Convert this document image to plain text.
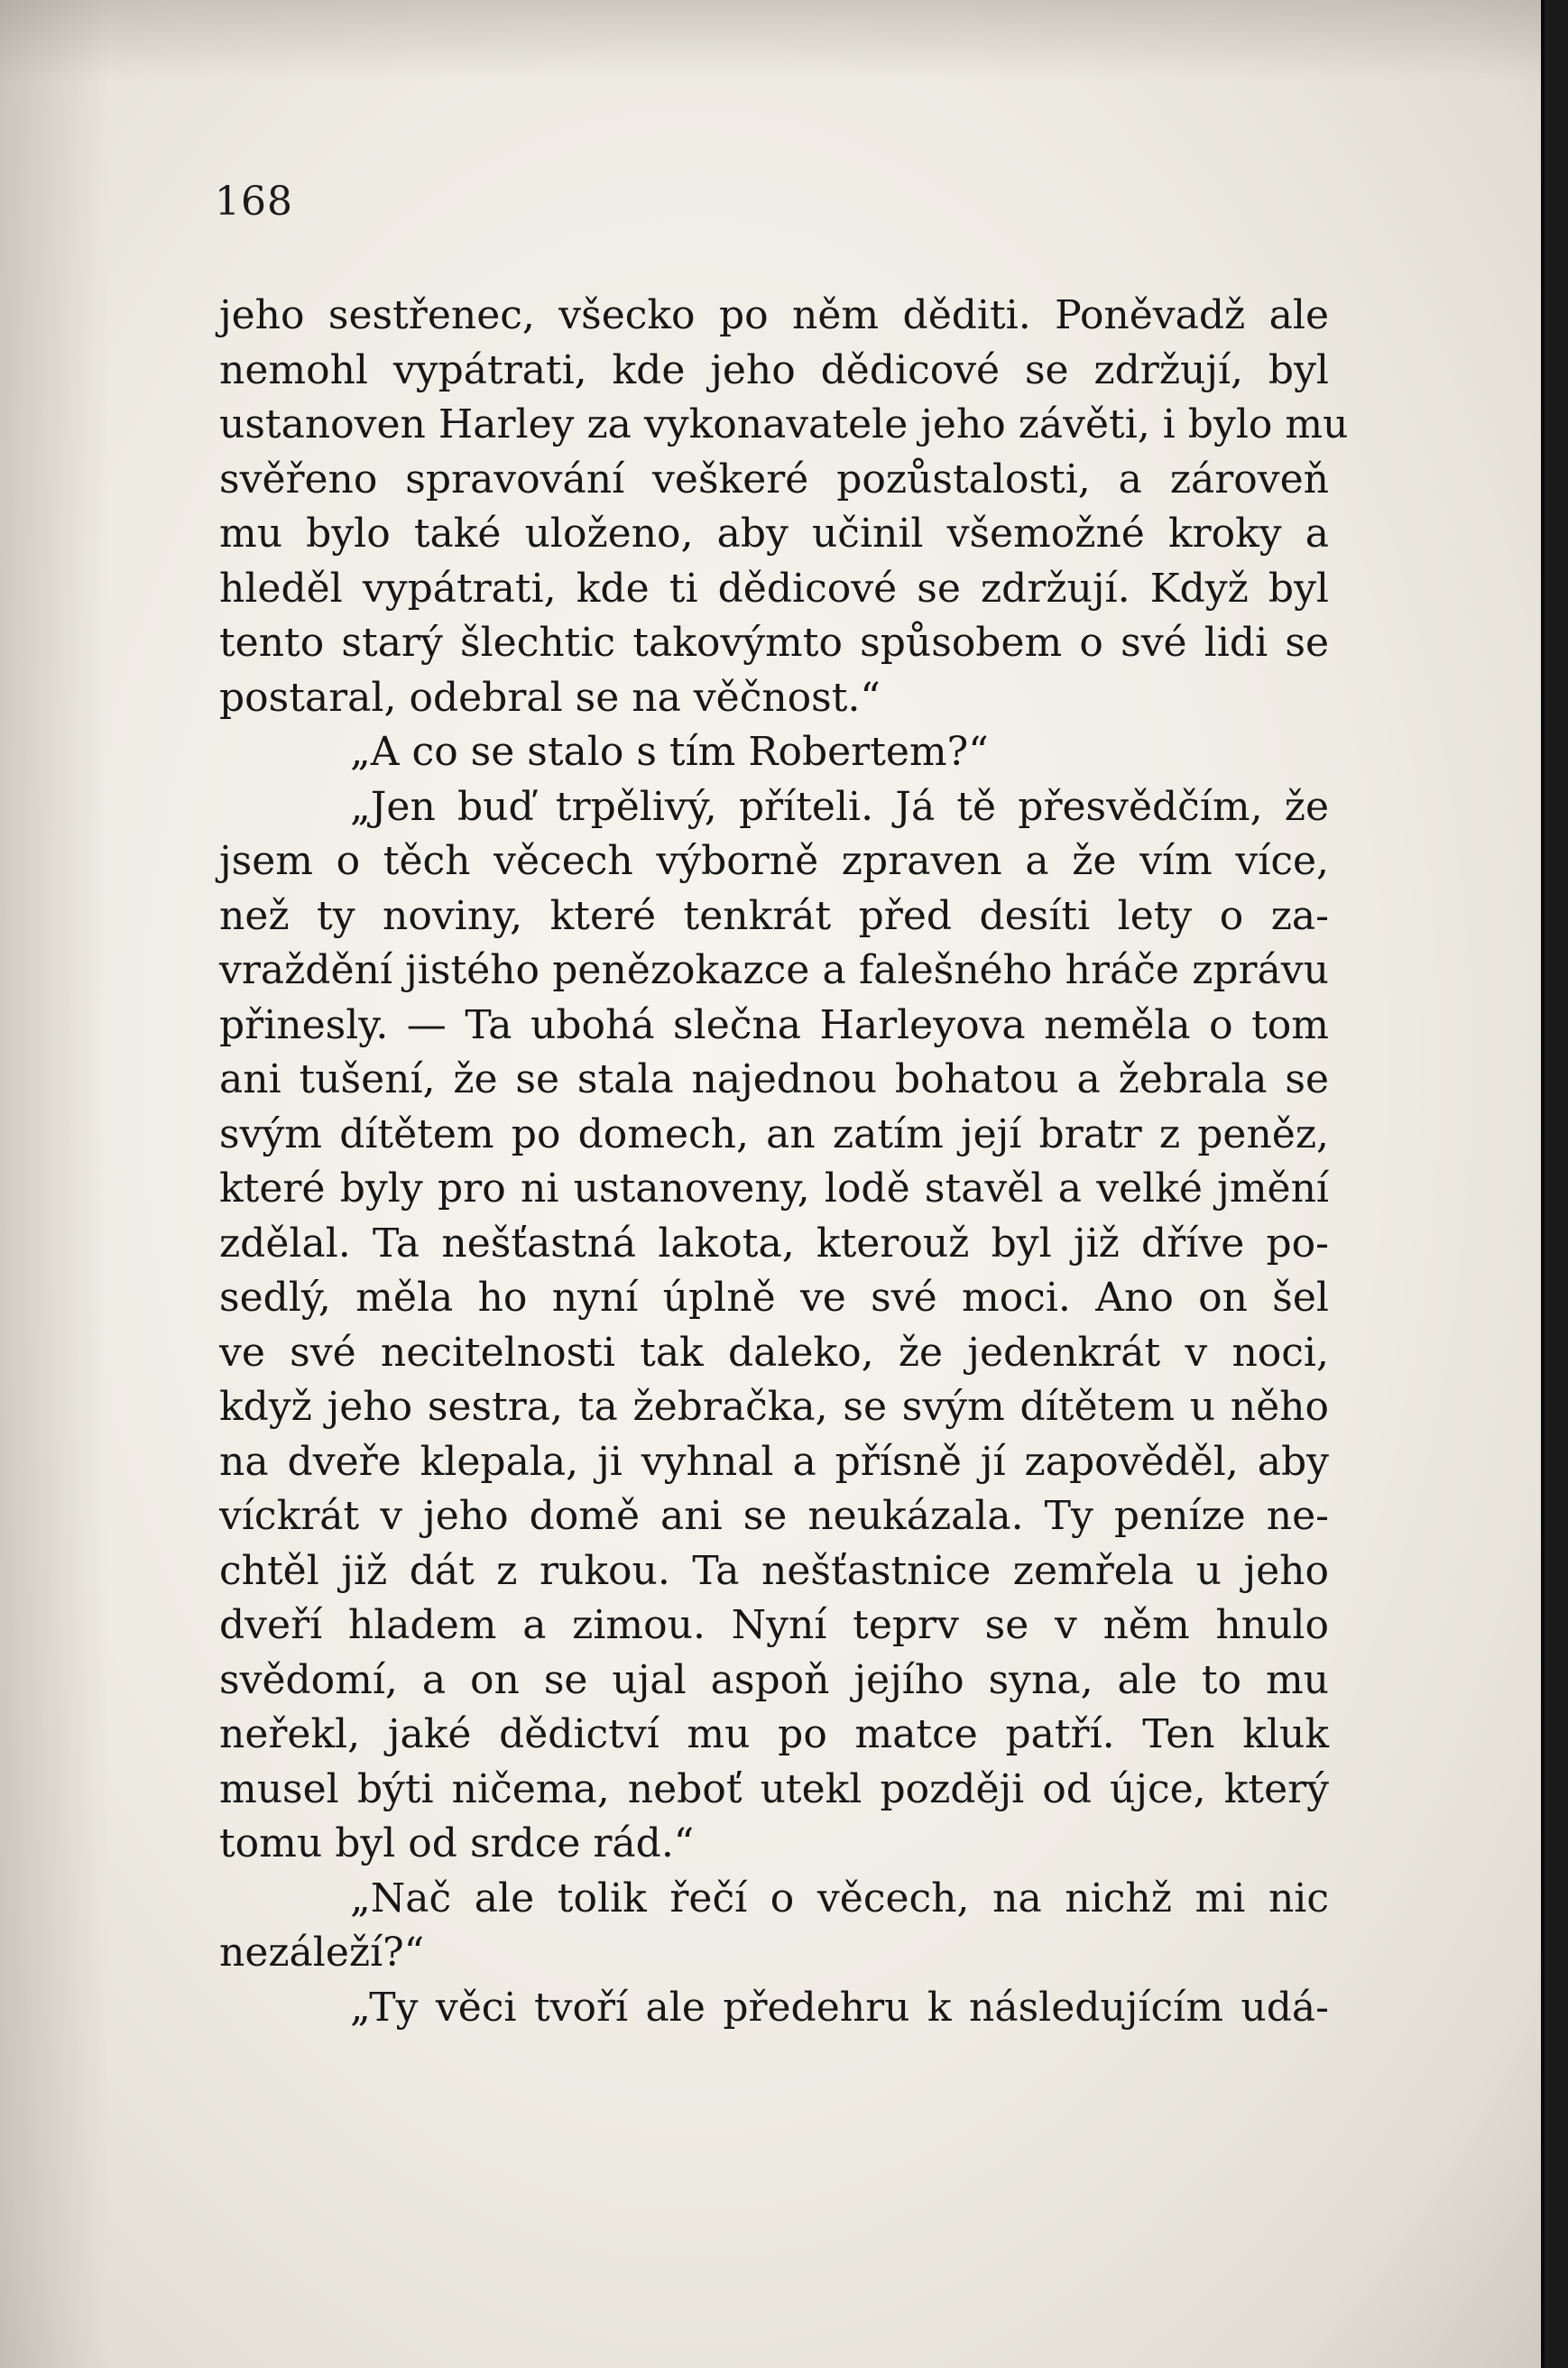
168
jeho sestřenec, všecko po něm děditi. Poněvadž ale
nemohl vypátrati, kde jeho dědicové se zdržují, byl
ustanoven Harley za vykonavatele jeho závěti, i bylo mu
svěřeno spravování veškeré pozůstalosti, a zároveň
mu bylo také uloženo, aby učinil všemožné kroky a
hleděl vypátrati, kde ti dědicové se zdržují. Když byl
tento starý šlechtic takovýmto spůsobem o své lidi se
postaral, odebral se na věčnost.“
„A co se stalo s tím Robertem?“
„Jen buď trpělivý, příteli. Já tě přesvědčím, že
jsem o těch věcech výborně zpraven a že vím více,
než ty noviny, které tenkrát před desíti lety o za-
vraždění jistého penězokazce a falešného hráče zprávu
přinesly. — Ta ubohá slečna Harleyova neměla o tom
ani tušení, že se stala najednou bohatou a žebrala se
svým dítětem po domech, an zatím její bratr z peněz,
které byly pro ni ustanoveny, lodě stavěl a velké jmění
zdělal. Ta nešťastná lakota, kterouž byl již dříve po-
sedlý, měla ho nyní úplně ve své moci. Ano on šel
ve své necitelnosti tak daleko, že jedenkrát v noci,
když jeho sestra, ta žebračka, se svým dítětem u něho
na dveře klepala, ji vyhnal a přísně jí zapověděl, aby
víckrát v jeho domě ani se neukázala. Ty peníze ne-
chtěl již dát z rukou. Ta nešťastnice zemřela u jeho
dveří hladem a zimou. Nyní teprv se v něm hnulo
svědomí, a on se ujal aspoň jejího syna, ale to mu
neřekl, jaké dědictví mu po matce patří. Ten kluk
musel býti ničema, neboť utekl později od újce, který
tomu byl od srdce rád.“
„Nač ale tolik řečí o věcech, na nichž mi nic
nezáleží?“
„Ty věci tvoří ale předehru k následujícím udá-
